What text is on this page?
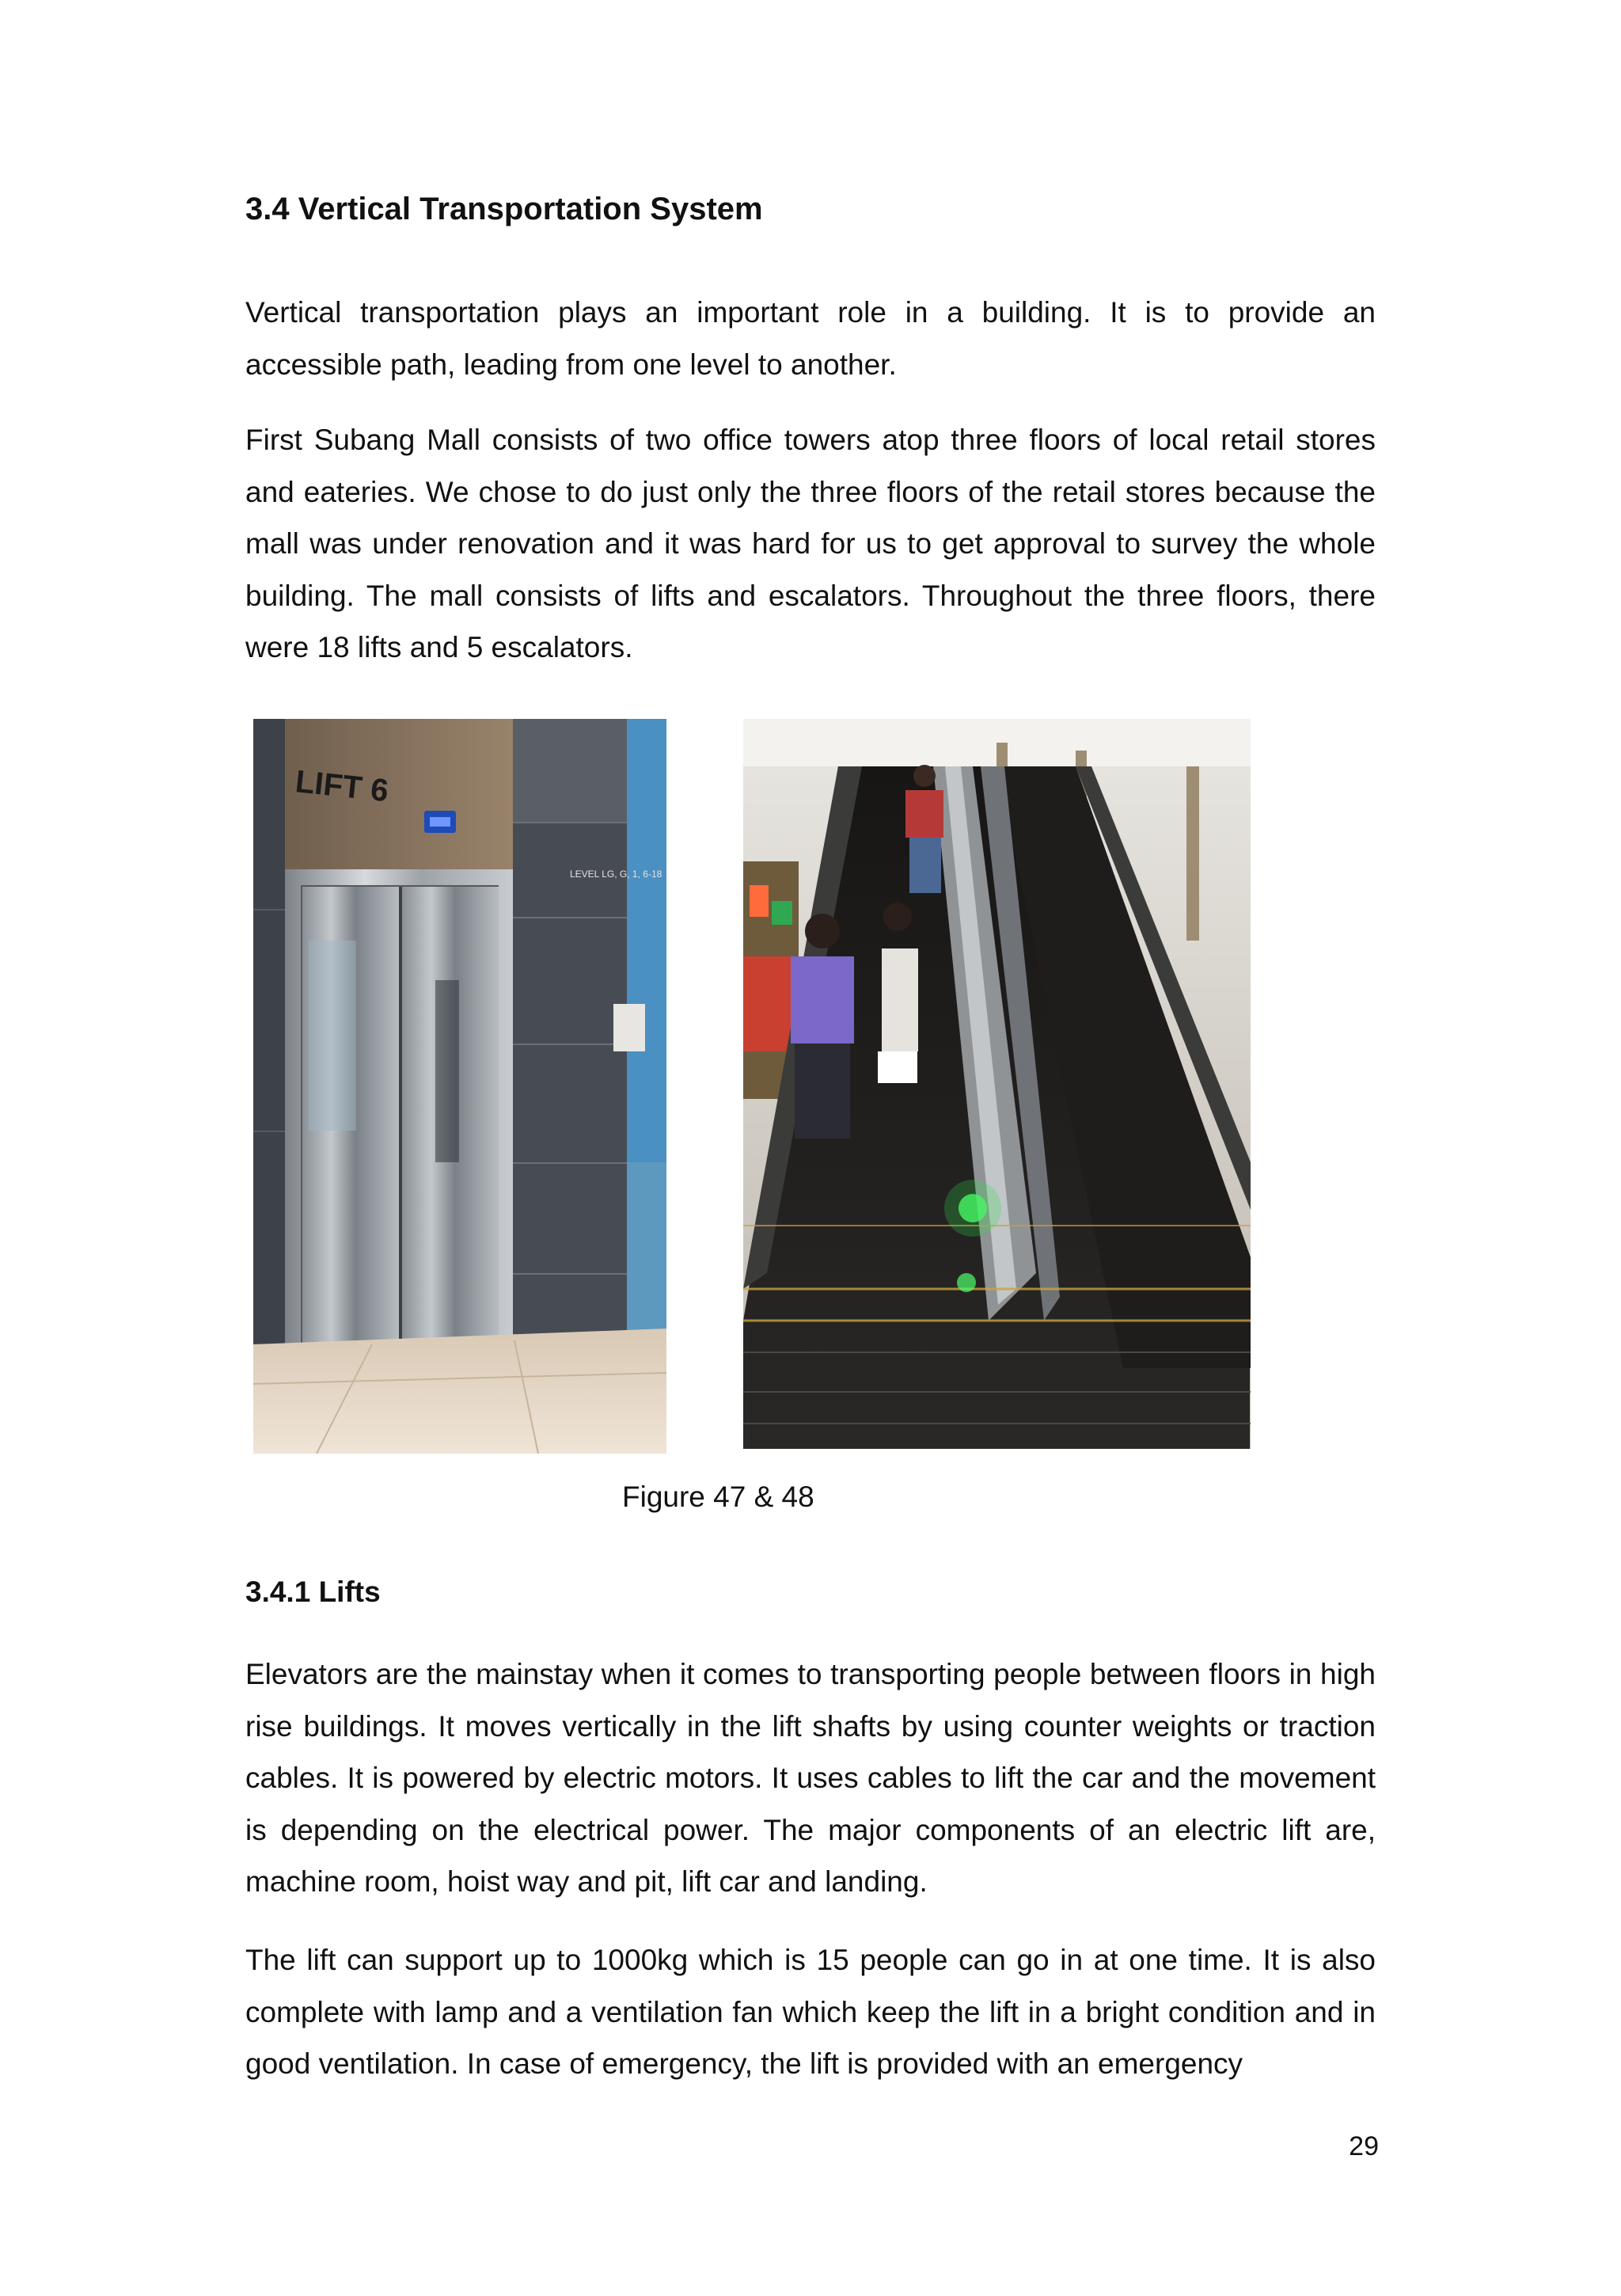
3.4 Vertical Transportation System
Vertical transportation plays an important role in a building. It is to provide an accessible path, leading from one level to another.
First Subang Mall consists of two office towers atop three floors of local retail stores and eateries. We chose to do just only the three floors of the retail stores because the mall was under renovation and it was hard for us to get approval to survey the whole building. The mall consists of lifts and escalators. Throughout the three floors, there were 18 lifts and 5 escalators.
LIFT 6
LEVEL LG, G, 1, 6-18
Figure 47 & 48
3.4.1 Lifts
Elevators are the mainstay when it comes to transporting people between floors in high rise buildings. It moves vertically in the lift shafts by using counter weights or traction cables. It is powered by electric motors. It uses cables to lift the car and the movement is depending on the electrical power. The major components of an electric lift are, machine room, hoist way and pit, lift car and landing.
The lift can support up to 1000kg which is 15 people can go in at one time. It is also complete with lamp and a ventilation fan which keep the lift in a bright condition and in good ventilation. In case of emergency, the lift is provided with an emergency
29
